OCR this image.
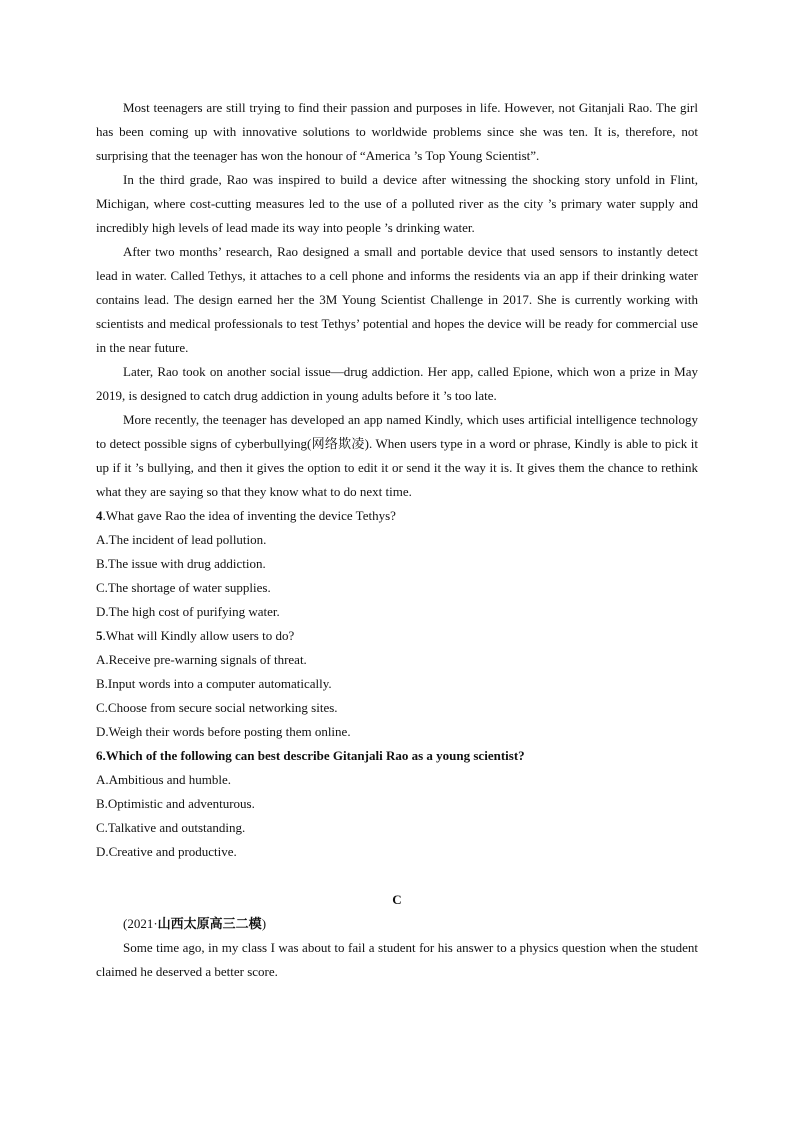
Most teenagers are still trying to find their passion and purposes in life. However, not Gitanjali Rao. The girl has been coming up with innovative solutions to worldwide problems since she was ten. It is, therefore, not surprising that the teenager has won the honour of “America ’s Top Young Scientist”.

In the third grade, Rao was inspired to build a device after witnessing the shocking story unfold in Flint, Michigan, where cost-cutting measures led to the use of a polluted river as the city ’s primary water supply and incredibly high levels of lead made its way into people ’s drinking water.

After two months’ research, Rao designed a small and portable device that used sensors to instantly detect lead in water. Called Tethys, it attaches to a cell phone and informs the residents via an app if their drinking water contains lead. The design earned her the 3M Young Scientist Challenge in 2017. She is currently working with scientists and medical professionals to test Tethys’ potential and hopes the device will be ready for commercial use in the near future.

Later, Rao took on another social issue—drug addiction. Her app, called Epione, which won a prize in May 2019, is designed to catch drug addiction in young adults before it ’s too late.

More recently, the teenager has developed an app named Kindly, which uses artificial intelligence technology to detect possible signs of cyberbullying(网络欺凌). When users type in a word or phrase, Kindly is able to pick it up if it ’s bullying, and then it gives the option to edit it or send it the way it is. It gives them the chance to rethink what they are saying so that they know what to do next time.

4.What gave Rao the idea of inventing the device Tethys?

A.The incident of lead pollution.

B.The issue with drug addiction.

C.The shortage of water supplies.

D.The high cost of purifying water.

5.What will Kindly allow users to do?

A.Receive pre-warning signals of threat.

B.Input words into a computer automatically.

C.Choose from secure social networking sites.

D.Weigh their words before posting them online.

6.Which of the following can best describe Gitanjali Rao as a young scientist?

A.Ambitious and humble.

B.Optimistic and adventurous.

C.Talkative and outstanding.

D.Creative and productive.

C

(2021·山西太原高三二模)

Some time ago, in my class I was about to fail a student for his answer to a physics question when the student claimed he deserved a better score.
